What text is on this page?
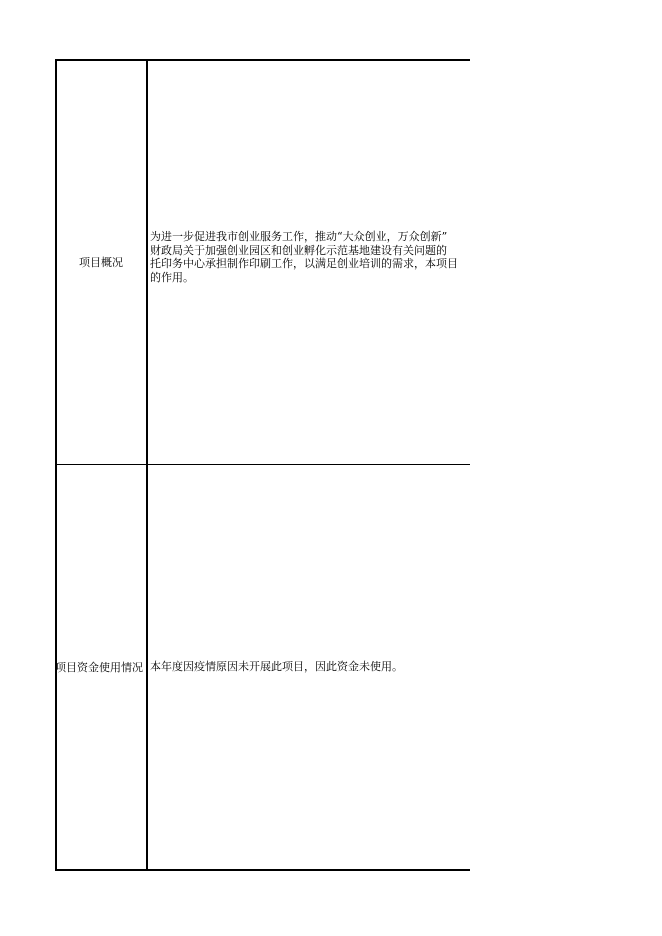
项目概况
为进一步促进我市创业服务工作，推动“大众创业，万众创新”
财政局关于加强创业园区和创业孵化示范基地建设有关问题的
托印务中心承担制作印刷工作，以满足创业培训的需求，本项目
的作用。
项目资金使用情况 本年度因疫情原因未开展此项目，因此资金未使用。
